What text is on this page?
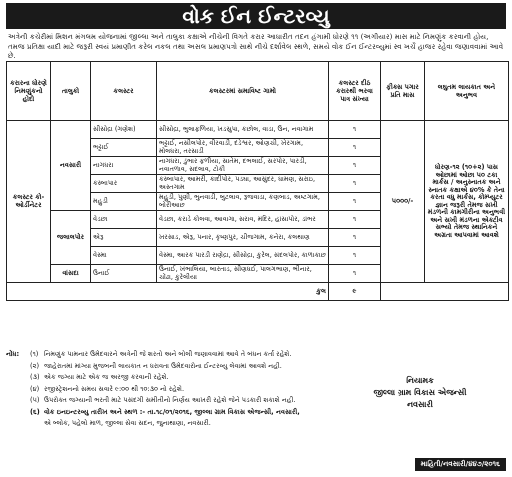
વોક ઈન ઈન્ટરવ્યુ
અત્રેની કચેરીમાં મિશન મંગલમ યોજનામાં જીલ્લા અને તાલુકા કક્ષાએ નીચેની વિગતે કરાર આધારીત તદન હંગામી ધોરણે ૧૧ (અગીયાર) માસ માટે નિમણુંક કરવાની હોય, તમજ પ્રતિક્ષા યાદી માટે જરૂરી સ્વયં પ્રમાણીત કરેલ નકલ તથા અસલ પ્રમાણપત્રો સાથે નીચે દર્શાવેલ સ્થળે, સમયે વોક ઈન ઈન્ટરવ્યુમાં સ્વ ખર્ચે હાજર રહેવા જણાવવામાં આવે છે.
કરારના ધોરણે નિમણુંકનો હોદો	તાલુકો	કલસ્ટર	કલસ્ટરમાં સમાવિષ્ટ ગામો	કલસ્ટર દીઠ કરારથી ભરવા પાત્ર સંખ્યા	ફીક્સ પગાર પ્રતિ માસ	લઘુતમ લાયકાત અને અનુભવ
કલસ્ટર કો-ઓર્ડીનેટર	નવસારી	સીસોદ્રા (ગણેશ)	સીસોદ્રા, ભુલાફળિયા, ખડસુપા, કછોલ, વાડા, ઉન, નવાગામ	૧	૫૦૦૦/-	ધોરણ-૧૨ (૧૦+૨) પાસ ઓછામાં ઓછા ૫૦ ટકા માર્કસ / અનુસ્નાતક અને સ્નાતક કક્ષાએ ૪૦% કે તેના કરતા વધુ માર્કસ, કોમ્પ્યુટર જ્ઞાન જરૂરી તેમજ સખી મંડળની કામગીરીના અનુભવી અને સખી મંડળના એક્ટીવ સભ્યો તેમજ સ્થાનિકને અગ્રતા આપવામાં આવશે
		ભટ્ટાઈ	ભટ્ટાઈ, નસીલપોર, વીરવાડી, દંડેશ્વર, ઓણચી, ખેરગામ, મોલધરા, તરસાડી	૧		
		નાગધરા	નાગધરા, ડુંભાર ફળીયા, સાતેમ, દભલાઈ, સરપોર, પારડી, નવાતળાવ, સદલાવ, ટોકી	૧		
		કસ્બાપાર	કસ્બાપાર, આમરી, કાદીપોર, પડઘા, આસુંદર, ધામણ, સરાઇ, અસ્તગામ	૧		
		મહુડી	મહુડી, પુણી, ભુનવાડી, બુટલાવ, રૂજવાડા, કણબાડ, અષ્ટગામ, બોરીઆછ	૧		
	જલાલપોર	વેડછા	વેડછા, કરાડે કોલવા, આવાગા, સરાવ, મંદિર, હાંસાપોર, ડાંભર	૧		
		એરૂ	ખરસાડ, એરૂ, પનાર, કૃષ્ણપુર, ચીજગામ, કનેરા, કલથાણ	૧		
		વેસ્મા	વેસ્મા, આરક પારડી રાણેદ્રા, સીસોદ્રા, કુરેલ, સંદલપોર, કાળાકાછ	૧		
	વાંસદા	ઉનાઈ	ઉનાઈ, ખંભાલિયા, બારતાડ, સીણધઈ, પાલગભાણ, ભીનાર, ચોંઢા, કુરેલીયા	૧		
કુલ				૯		
નોંધ: (૧) નિમણુંક પામનાર ઉમેદવારને અત્રેની જે શરતો અને બોલી જણાવવામાં આવે તે બંધન કર્તા રહેશે.
(૨) જાહેરાતમાં માંગ્યા મુજબની લાયકાત ન ધરાવતા ઉમેદવારોના ઈન્ટરવ્યુ લેવામાં આવશે નહી.
(૩) એક જગ્યા માટે એક જ અરજી કરવાની રહેશે.
(૪) રજીસ્ટ્રેશનનો સમય સવારે ૯:૦૦ થી ૧૦:૩૦ નો રહેશે.
(૫) ઉપરોક્ત જગ્યાની ભરતી માટે પસંદગી સમીતીનો નિર્ણય આખરી રહેશે જેને પડકારી શકાશે નહી.
(૬) વોક ઇનઇન્ટરવ્યુ તારીખ અને સ્થળ :- તા.૧૮/૦૧/૨૦૧૬, જીલ્લા ગ્રામ વિકાસ એજન્સી, નવસારી,
એ બ્લોક, પહેલો માળ, જીલ્લા સેવા સદન, જુનાથાણા, નવસારી.
નિયામક
જીલ્લા ગ્રામ વિકાસ એજન્સી
નવસારી
માહિતી/નવસારી/૪૪૭/૨૦૧૬
